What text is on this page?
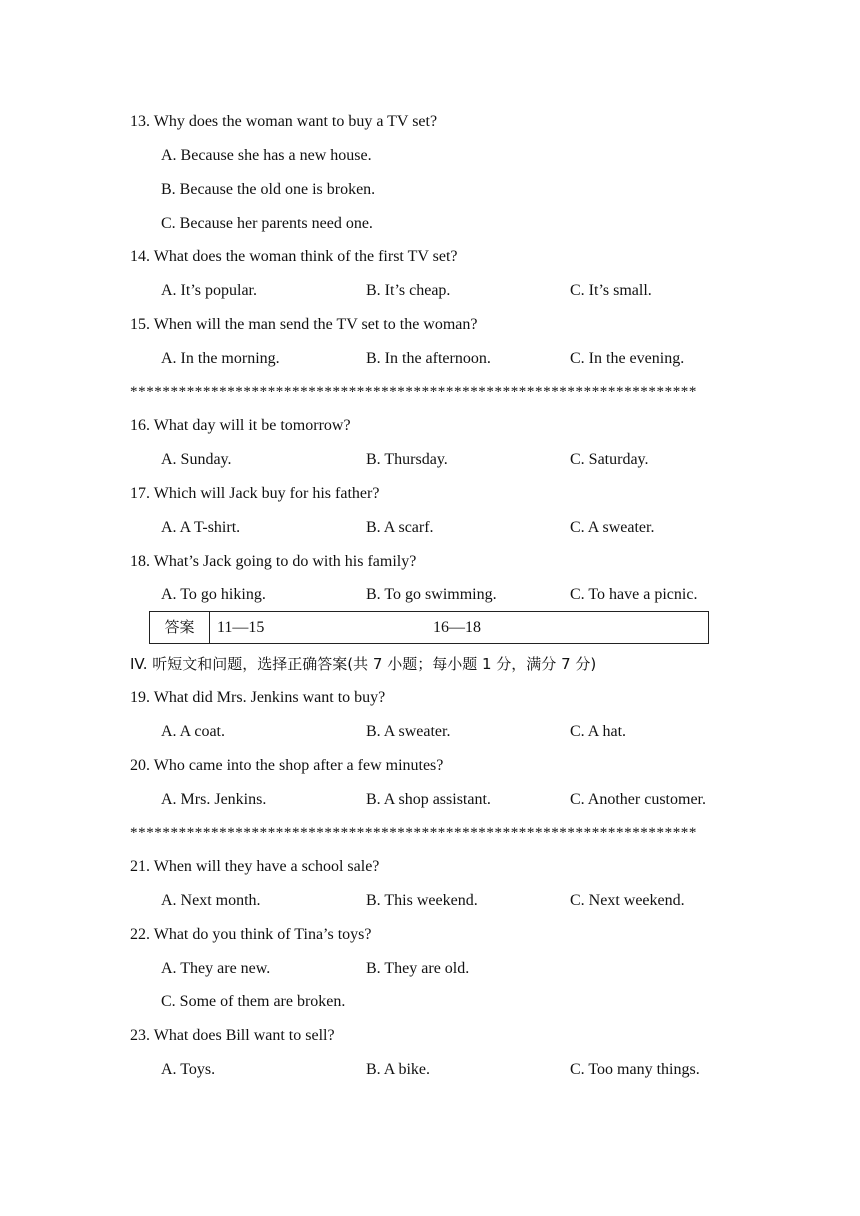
13. Why does the woman want to buy a TV set?
A. Because she has a new house.
B. Because the old one is broken.
C. Because her parents need one.
14. What does the woman think of the first TV set?
A. It’s popular.	B. It’s cheap.	C. It’s small.
15. When will the man send the TV set to the woman?
A. In the morning.	B. In the afternoon.	C. In the evening.
**********************************************************************
16. What day will it be tomorrow?
A. Sunday.	B. Thursday.	C. Saturday.
17. Which will Jack buy for his father?
A. A T-shirt.	B. A scarf.	C. A sweater.
18. What’s Jack going to do with his family?
A. To go hiking.	B. To go swimming.	C. To have a picnic.
答案	11—15	16—18
IV. 听短文和问题，选择正确答案(共 7 小题；每小题 1 分，满分 7 分)
19. What did Mrs. Jenkins want to buy?
A. A coat.	B. A sweater.	C. A hat.
20. Who came into the shop after a few minutes?
A. Mrs. Jenkins.	B. A shop assistant.	C. Another customer.
**********************************************************************
21. When will they have a school sale?
A. Next month.	B. This weekend.	C. Next weekend.
22. What do you think of Tina’s toys?
A. They are new.	B. They are old.
C. Some of them are broken.
23. What does Bill want to sell?
A. Toys.	B. A bike.	C. Too many things.
